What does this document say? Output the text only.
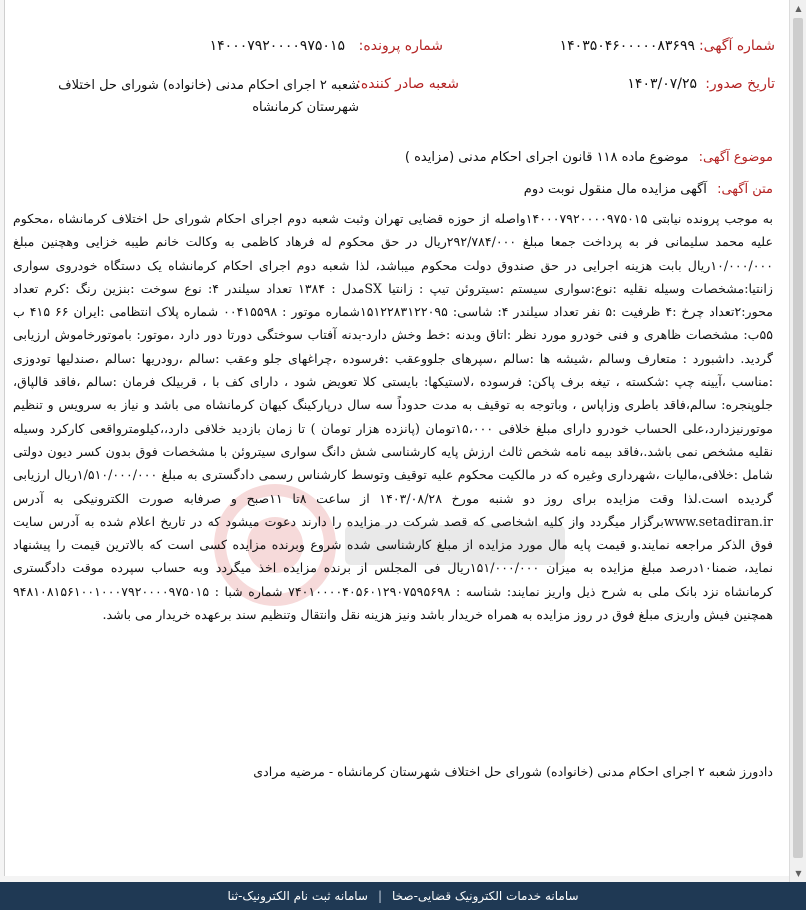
شماره آگهی:
۱۴۰۳۵۰۴۶۰۰۰۰۰۸۳۶۹۹
شماره پرونده:
۱۴۰۰۰۷۹۲۰۰۰۰۹۷۵۰۱۵
تاریخ صدور:
۱۴۰۳/۰۷/۲۵
شعبه صادر کننده:
شعبه ۲ اجرای احکام مدنی (خانواده) شورای حل اختلاف شهرستان کرمانشاه
موضوع آگهی: موضوع ماده ۱۱۸ قانون اجرای احکام مدنی (مزایده )
متن آگهی: آگهی مزایده مال منقول نوبت دوم
به موجب پرونده نیابتی ۱۴۰۰۰۷۹۲۰۰۰۰۹۷۵۰۱۵واصله از حوزه قضایی تهران وثبت شعبه دوم اجرای احکام شورای حل اختلاف کرمانشاه ،محکوم علیه محمد سلیمانی فر به پرداخت جمعا مبلغ ۲۹۲/۷۸۴/۰۰۰ریال در حق محکوم له فرهاد کاظمی به وکالت خانم طیبه خزایی وهچنین مبلغ ۱۰/۰۰۰/۰۰۰ریال بابت هزینه اجرایی در حق صندوق دولت محکوم میباشد، لذا شعبه دوم اجرای احکام کرمانشاه یک دستگاه خودروی سواری زانتیا:مشخصات وسیله نقلیه :نوع:سواری سیستم :سیتروئن تیپ : زانتیا SXمدل : ۱۳۸۴ تعداد سیلندر ۴: نوع سوخت :بنزین رنگ :کرم تعداد محور:۲تعداد چرخ :۴ ظرفیت :۵ نفر تعداد سیلندر ۴: شاسی: ۱۵۱۲۲۸۳۱۲۲۰۹۵شماره موتور : ۰۰۴۱۵۵۹۸ شماره پلاک انتظامی :ایران ۶۶ ۴۱۵ ب ۵۵ب: مشخصات ظاهری و فنی خودرو مورد نظر :اتاق وبدنه :خط وخش دارد-بدنه آفتاب سوختگی دورتا دور دارد ،موتور: باموتورخاموش ارزیابی گردید. داشبورد : متعارف وسالم ،شیشه ها :سالم ،سپرهای جلووعقب :فرسوده ،چراغهای جلو وعقب :سالم ،رودریها :سالم ،صندلیها تودوزی :مناسب ،آیینه چپ :شکسته ، تیغه برف پاکن: فرسوده ،لاستیکها: بایستی کلا تعویض شود ، دارای کف با ، قربیلک فرمان :سالم ،فاقد قالپاق، جلوپنجره: سالم،فاقد باطری وزاپاس ، وباتوجه به توقیف به مدت حدوداً سه سال درپارکینگ کیهان کرمانشاه می باشد و نیاز به سرویس و تنظیم موتورنیزدارد،علی الحساب خودرو دارای مبلغ خلافی ۱۵،۰۰۰تومان (پانزده هزار تومان ) تا زمان بازدید خلافی دارد،،کیلومترواقعی کارکرد وسیله نقلیه مشخص نمی باشد.،فاقد بیمه نامه شخص ثالث ارزش پایه کارشناسی شش دانگ سواری سیتروئن با مشخصات فوق بدون کسر دیون دولتی شامل :خلافی،مالیات ،شهرداری وغیره که در مالکیت محکوم علیه توقیف وتوسط کارشناس رسمی دادگستری به مبلغ ۱/۵۱۰/۰۰۰/۰۰۰ریال ارزیابی گردیده است.لذا وقت مزایده برای روز دو شنبه مورخ ۱۴۰۳/۰۸/۲۸ از ساعت ۸تا ۱۱صبح و صرفابه صورت الکترونیکی به آدرس www.setadiran.irبرگزار میگردد واز کلیه اشخاصی که قصد شرکت در مزایده را دارند دعوت میشود که در تاریخ اعلام شده به آدرس سایت فوق الذکر مراجعه نمایند.و قیمت پایه مال مورد مزایده از مبلغ کارشناسی شده شروع وبرنده مزایده کسی است که بالاترین قیمت را پیشنهاد نماید، ضمنا۱۰درصد مبلغ مزایده به میزان ۱۵۱/۰۰۰/۰۰۰ریال فی المجلس از برنده مزایده اخذ میگردد وبه حساب سپرده موقت دادگستری کرمانشاه نزد بانک ملی به شرح ذیل واریز نمایند: شناسه : ۷۴۰۱۰۰۰۰۴۰۵۶۰۱۲۹۰۷۵۹۵۶۹۸ شماره شبا : ۹۴۸۱۰۸۱۵۶۱۰۰۱۰۰۰۷۹۲۰۰۰۰۹۷۵۰۱۵ همچنین فیش واریزی مبلغ فوق در روز مزایده به همراه خریدار باشد ونیز هزینه نقل وانتقال وتنظیم سند برعهده خریدار می باشد.
دادورز شعبه ۲ اجرای احکام مدنی (خانواده) شورای حل اختلاف شهرستان کرمانشاه - مرضیه مرادی
▲
▼
سامانه خدمات الکترونیک قضایی-صخا
|
سامانه ثبت نام الکترونیک-ثنا
